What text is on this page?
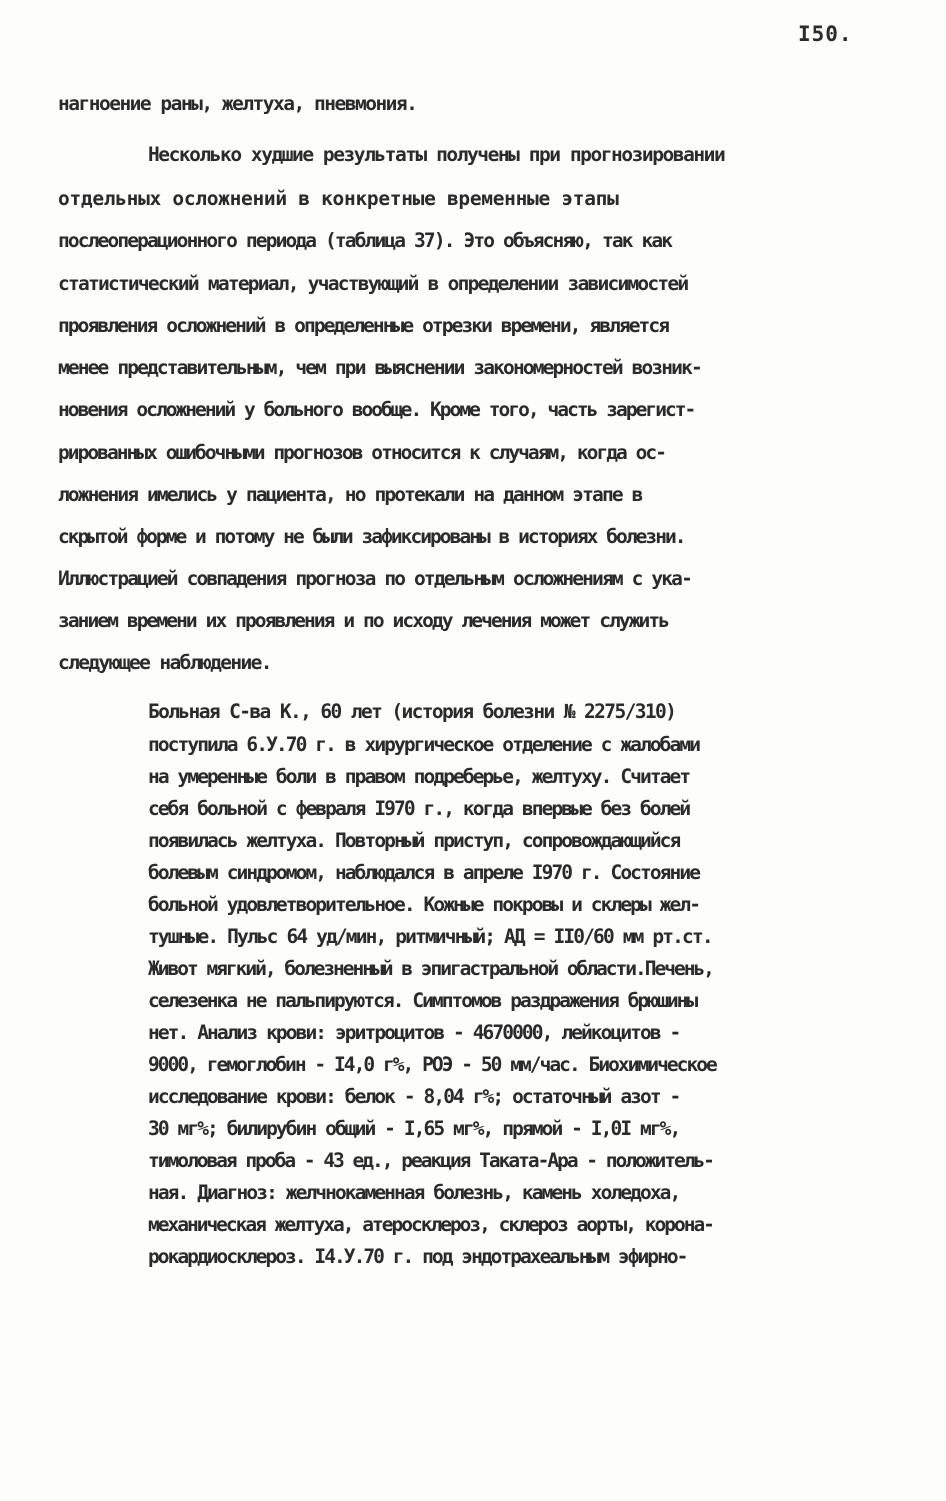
I50.
нагноение раны, желтуха, пневмония.
Несколько худшие результаты получены при прогнозировании
отдельных осложнений в конкретные временные этапы
послеоперационного периода (таблица 37). Это объясняю, так как
статистический материал, участвующий в определении зависимостей
проявления осложнений в определенные отрезки времени, является
менее представительным, чем при выяснении закономерностей возник-
новения осложнений у больного вообще. Кроме того, часть зарегист-
рированных ошибочными прогнозов относится к случаям, когда ос-
ложнения имелись у пациента, но протекали на данном этапе в
скрытой форме и потому не были зафиксированы в историях болезни.
Иллюстрацией совпадения прогноза по отдельным осложнениям с ука-
занием времени их проявления и по исходу лечения может служить
следующее наблюдение.
Больная С-ва К., 60 лет (история болезни № 2275/310)
поступила 6.У.70 г. в хирургическое отделение с жалобами
на умеренные боли в правом подреберье, желтуху. Считает
себя больной с февраля I970 г., когда впервые без болей
появилась желтуха. Повторный приступ, сопровождающийся
болевым синдромом, наблюдался в апреле I970 г. Состояние
больной удовлетворительное. Кожные покровы и склеры жел-
тушные. Пульс 64 уд/мин, ритмичный; АД = II0/60 мм рт.ст.
Живот мягкий, болезненный в эпигастральной области.Печень,
селезенка не пальпируются. Симптомов раздражения брюшины
нет. Анализ крови: эритроцитов - 4670000, лейкоцитов -
9000, гемоглобин - I4,0 г%, РОЭ - 50 мм/час. Биохимическое
исследование крови: белок - 8,04 г%; остаточный азот -
30 мг%; билирубин общий - I,65 мг%, прямой - I,0I мг%,
тимоловая проба - 43 ед., реакция Таката-Ара - положитель-
ная. Диагноз: желчнокаменная болезнь, камень холедоха,
механическая желтуха, атеросклероз, склероз аорты, корона-
рокардиосклероз. I4.У.70 г. под эндотрахеальным эфирно-
